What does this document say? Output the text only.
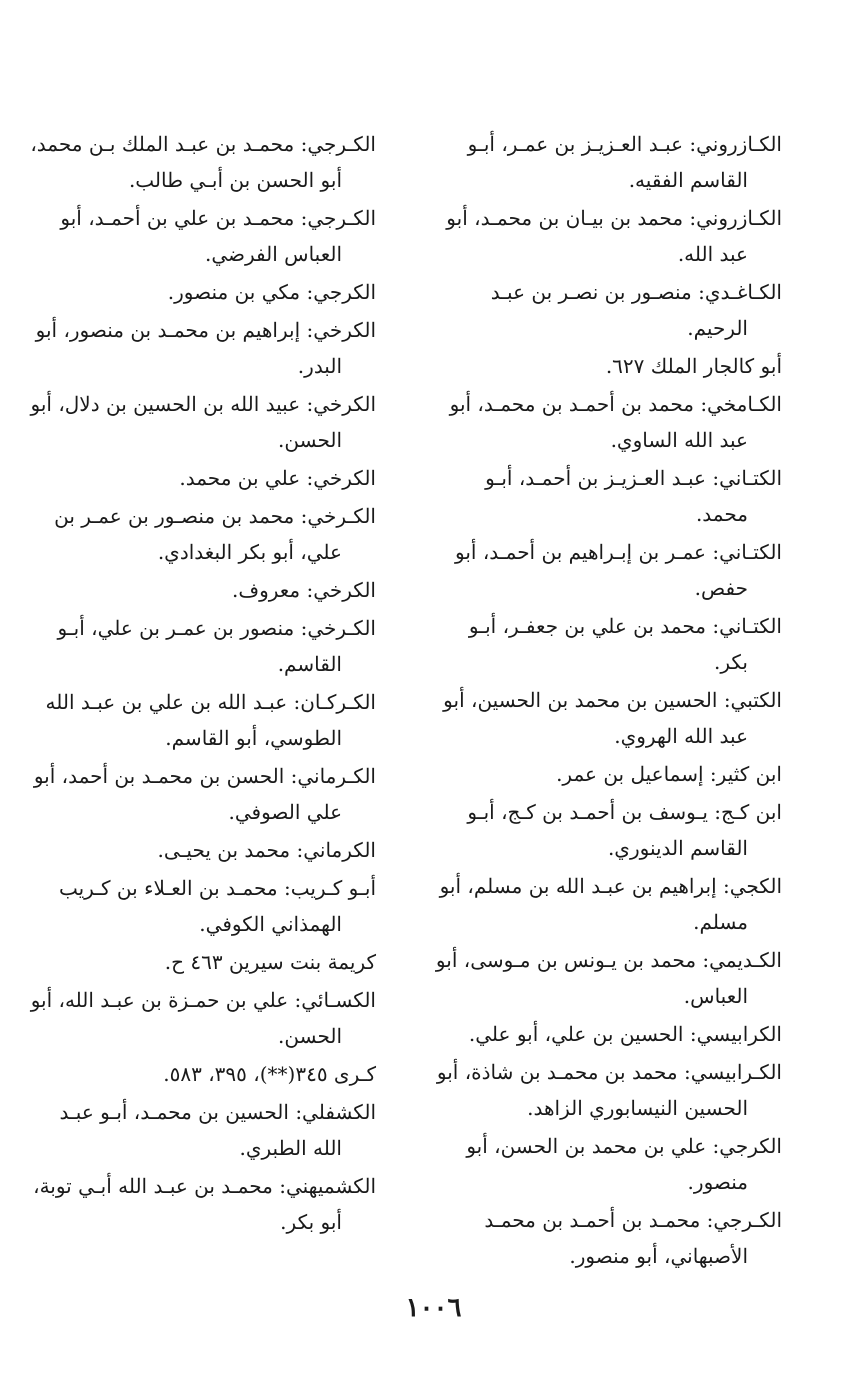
الكـازروني: عبـد العـزيـز بن عمـر، أبـو القاسم الفقيه.

الكـازروني: محمد بن بيـان بن محمـد، أبو عبد الله.

الكـاغـدي: منصـور بن نصـر بن عبـد الرحيم.

أبو كالجار الملك ٦٢٧.

الكـامخي: محمد بن أحمـد بن محمـد، أبو عبد الله الساوي.

الكتـاني: عبـد العـزيـز بن أحمـد، أبـو محمد.

الكتـاني: عمـر بن إبـراهيم بن أحمـد، أبو حفص.

الكتـاني: محمد بن علي بن جعفـر، أبـو بكر.

الكتبي: الحسين بن محمد بن الحسين، أبو عبد الله الهروي.

ابن كثير: إسماعيل بن عمر.

ابن كـج: يـوسف بن أحمـد بن كـج، أبـو القاسم الدينوري.

الكجي: إبراهيم بن عبـد الله بن مسلم، أبو مسلم.

الكـديمي: محمد بن يـونس بن مـوسى، أبو العباس.

الكرابيسي: الحسين بن علي، أبو علي.

الكـرابيسي: محمد بن محمـد بن شاذة، أبو الحسين النيسابوري الزاهد.

الكرجي: علي بن محمد بن الحسن، أبو منصور.

الكـرجي: محمـد بن أحمـد بن محمـد الأصبهاني، أبو منصور.

الكـرجي: محمـد بن عبـد الملك بـن محمد، أبو الحسن بن أبـي طالب.

الكـرجي: محمـد بن علي بن أحمـد، أبو العباس الفرضي.

الكرجي: مكي بن منصور.

الكرخي: إبراهيم بن محمـد بن منصور، أبو البدر.

الكرخي: عبيد الله بن الحسين بن دلال، أبو الحسن.

الكرخي: علي بن محمد.

الكـرخي: محمد بن منصـور بن عمـر بن علي، أبو بكر البغدادي.

الكرخي: معروف.

الكـرخي: منصور بن عمـر بن علي، أبـو القاسم.

الكـركـان: عبـد الله بن علي بن عبـد الله الطوسي، أبو القاسم.

الكـرماني: الحسن بن محمـد بن أحمد، أبو علي الصوفي.

الكرماني: محمد بن يحيـى.

أبـو كـريب: محمـد بن العـلاء بن كـريب الهمذاني الكوفي.

كريمة بنت سيرين ٤٦٣ ح.

الكسـائي: علي بن حمـزة بن عبـد الله، أبو الحسن.

كـرى ٣٤٥(**)، ٣٩٥، ٥٨٣.

الكشفلي: الحسين بن محمـد، أبـو عبـد الله الطبري.

الكشميهني: محمـد بن عبـد الله أبـي توبة، أبو بكر.

١٠٠٦
